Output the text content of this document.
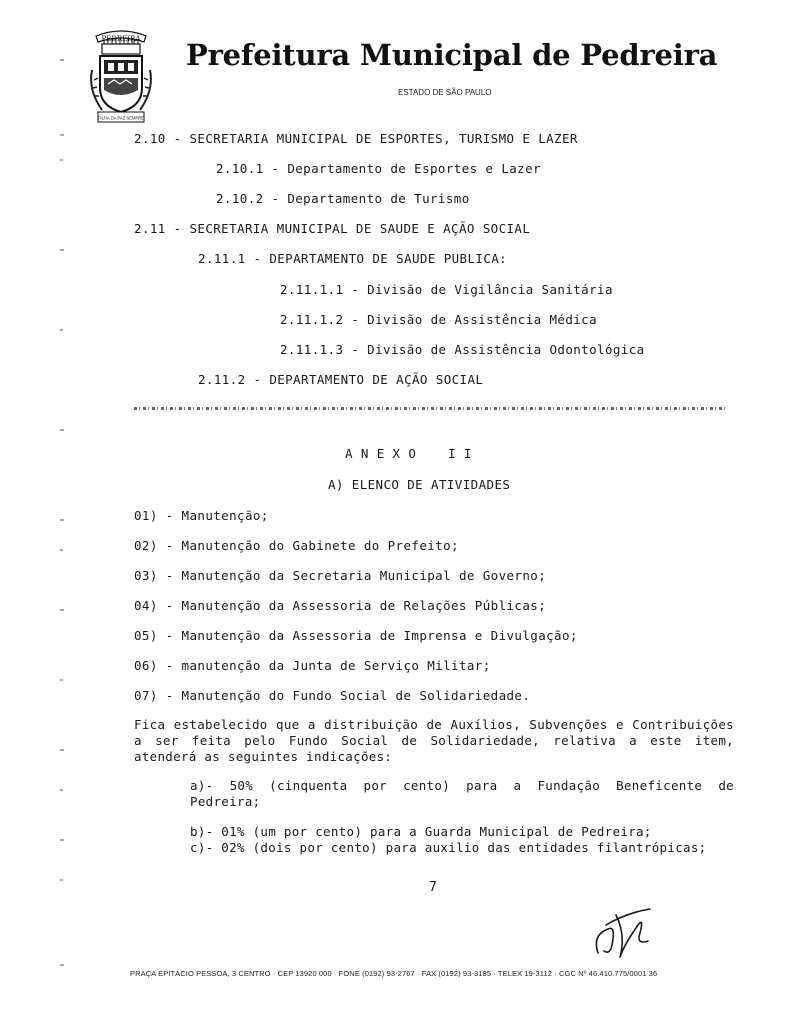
PEDREIRA
FILHA DA PAZ SEMPRE
Prefeitura Municipal de Pedreira
ESTADO DE SÃO PAULO
2.10 - SECRETARIA MUNICIPAL DE ESPORTES, TURISMO E LAZER
2.10.1 - Departamento de Esportes e Lazer
2.10.2 - Departamento de Turismo
2.11 - SECRETARIA MUNICIPAL DE SAUDE E AÇÃO SOCIAL
2.11.1 - DEPARTAMENTO DE SAUDE PUBLICA:
2.11.1.1 - Divisão de Vigilância Sanitária
2.11.1.2 - Divisão de Assistência Médica
2.11.1.3 - Divisão de Assistência Odontológica
2.11.2 - DEPARTAMENTO DE AÇÃO SOCIAL
A N E X O    I I
A) ELENCO DE ATIVIDADES
01) - Manutenção;
02) - Manutenção do Gabinete do Prefeito;
03) - Manutenção da Secretaria Municipal de Governo;
04) - Manutenção da Assessoria de Relações Públicas;
05) - Manutenção da Assessoria de Imprensa e Divulgação;
06) - manutenção da Junta de Serviço Militar;
07) - Manutenção do Fundo Social de Solidariedade.
Fica estabelecido que a distribuição de Auxílios, Subvenções e Contribuições a ser feita pelo Fundo Social de Solidariedade, relativa a este item, atenderá as seguintes indicações:
a)- 50% (cinquenta por cento) para a Fundação Beneficente de Pedreira;
b)- 01% (um por cento) para a Guarda Municipal de Pedreira;
c)- 02% (dois por cento) para auxilio das entidades filantrópicas;
7
PRAÇA EPITÁCIO PESSOA, 3 CENTRO · CEP 13920 000 · FONE (0192) 93-2767 · FAX (0192) 93-3185 · TELEX 19-3112 · CGC Nº 46.410.775/0001 36
